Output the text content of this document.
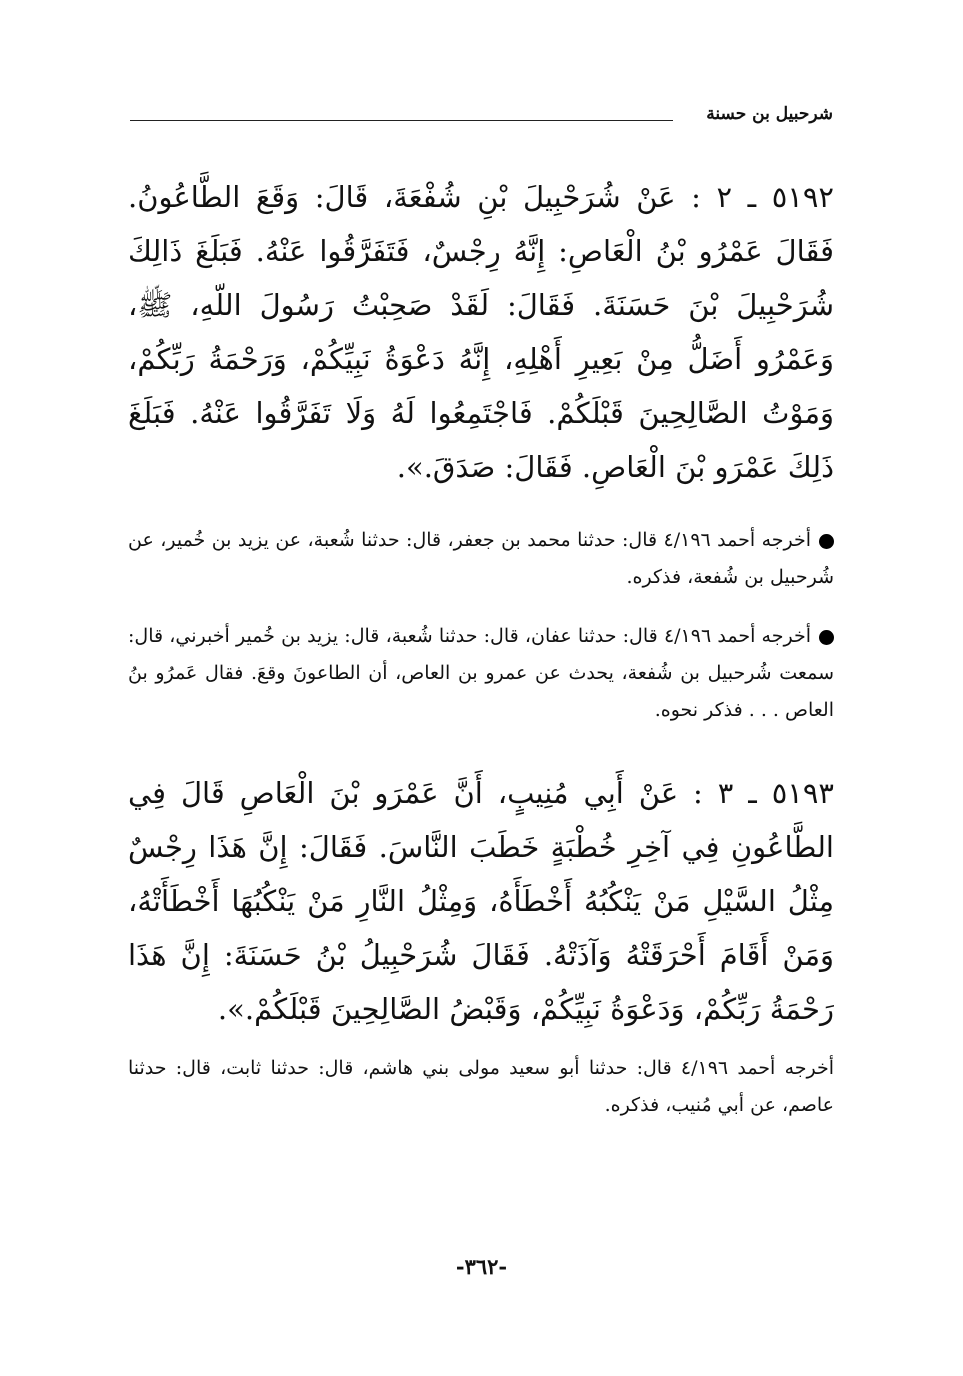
شرحبيل بن حسنة
٥١٩٢ ـ ٢ : عَنْ شُرَحْبِيلَ بْنِ شُفْعَةَ، قَالَ: وَقَعَ الطَّاعُونُ. فَقَالَ عَمْرُو بْنُ الْعَاصِ: إِنَّهُ رِجْسٌ، فَتَفَرَّقُوا عَنْهُ. فَبَلَغَ ذَالِكَ شُرَحْبِيلَ بْنَ حَسَنَةَ. فَقَالَ: لَقَدْ صَحِبْتُ رَسُولَ اللّهِ، ﷺ، وَعَمْرُو أَضَلُّ مِنْ بَعِيرِ أَهْلِهِ، إِنَّهُ دَعْوَةُ نَبِيِّكُمْ، وَرَحْمَةُ رَبِّكُمْ، وَمَوْتُ الصَّالِحِينَ قَبْلَكُمْ. فَاجْتَمِعُوا لَهُ وَلَا تَفَرَّقُوا عَنْهُ. فَبَلَغَ ذَلِكَ عَمْرَو بْنَ الْعَاصِ. فَقَالَ: صَدَقَ.».
أخرجه أحمد ٤/١٩٦ قال: حدثنا محمد بن جعفر، قال: حدثنا شُعبة، عن يزيد بن خُمير، عن شُرحبيل بن شُفعة، فذكره.
أخرجه أحمد ٤/١٩٦ قال: حدثنا عفان، قال: حدثنا شُعبة، قال: يزيد بن خُمير أخبرني، قال: سمعت شُرحبيل بن شُفعة، يحدث عن عمرو بن العاص، أن الطاعونَ وقعَ. فقال عَمرُو بنُ العاص . . . فذكر نحوه.
٥١٩٣ ـ ٣ : عَنْ أَبِي مُنِيبٍ، أَنَّ عَمْرَو بْنَ الْعَاصِ قَالَ فِي الطَّاعُونِ فِي آخِرِ خُطْبَةٍ خَطَبَ النَّاسَ. فَقَالَ: إِنَّ هَذَا رِجْسٌ مِثْلُ السَّيْلِ مَنْ يَنْكُبُهُ أَخْطَأَهُ، وَمِثْلُ النَّارِ مَنْ يَنْكُبُهَا أَخْطَأَتْهُ، وَمَنْ أَقَامَ أَحْرَقَتْهُ وَآذَتْهُ. فَقَالَ شُرَحْبِيلُ بْنُ حَسَنَةَ: إِنَّ هَذَا رَحْمَةُ رَبِّكُمْ، وَدَعْوَةُ نَبِيِّكُمْ، وَقَبْضُ الصَّالِحِينَ قَبْلَكُمْ.».
أخرجه أحمد ٤/١٩٦ قال: حدثنا أبو سعيد مولى بني هاشم، قال: حدثنا ثابت، قال: حدثنا عاصم، عن أبي مُنيب، فذكره.
-٣٦٢-
